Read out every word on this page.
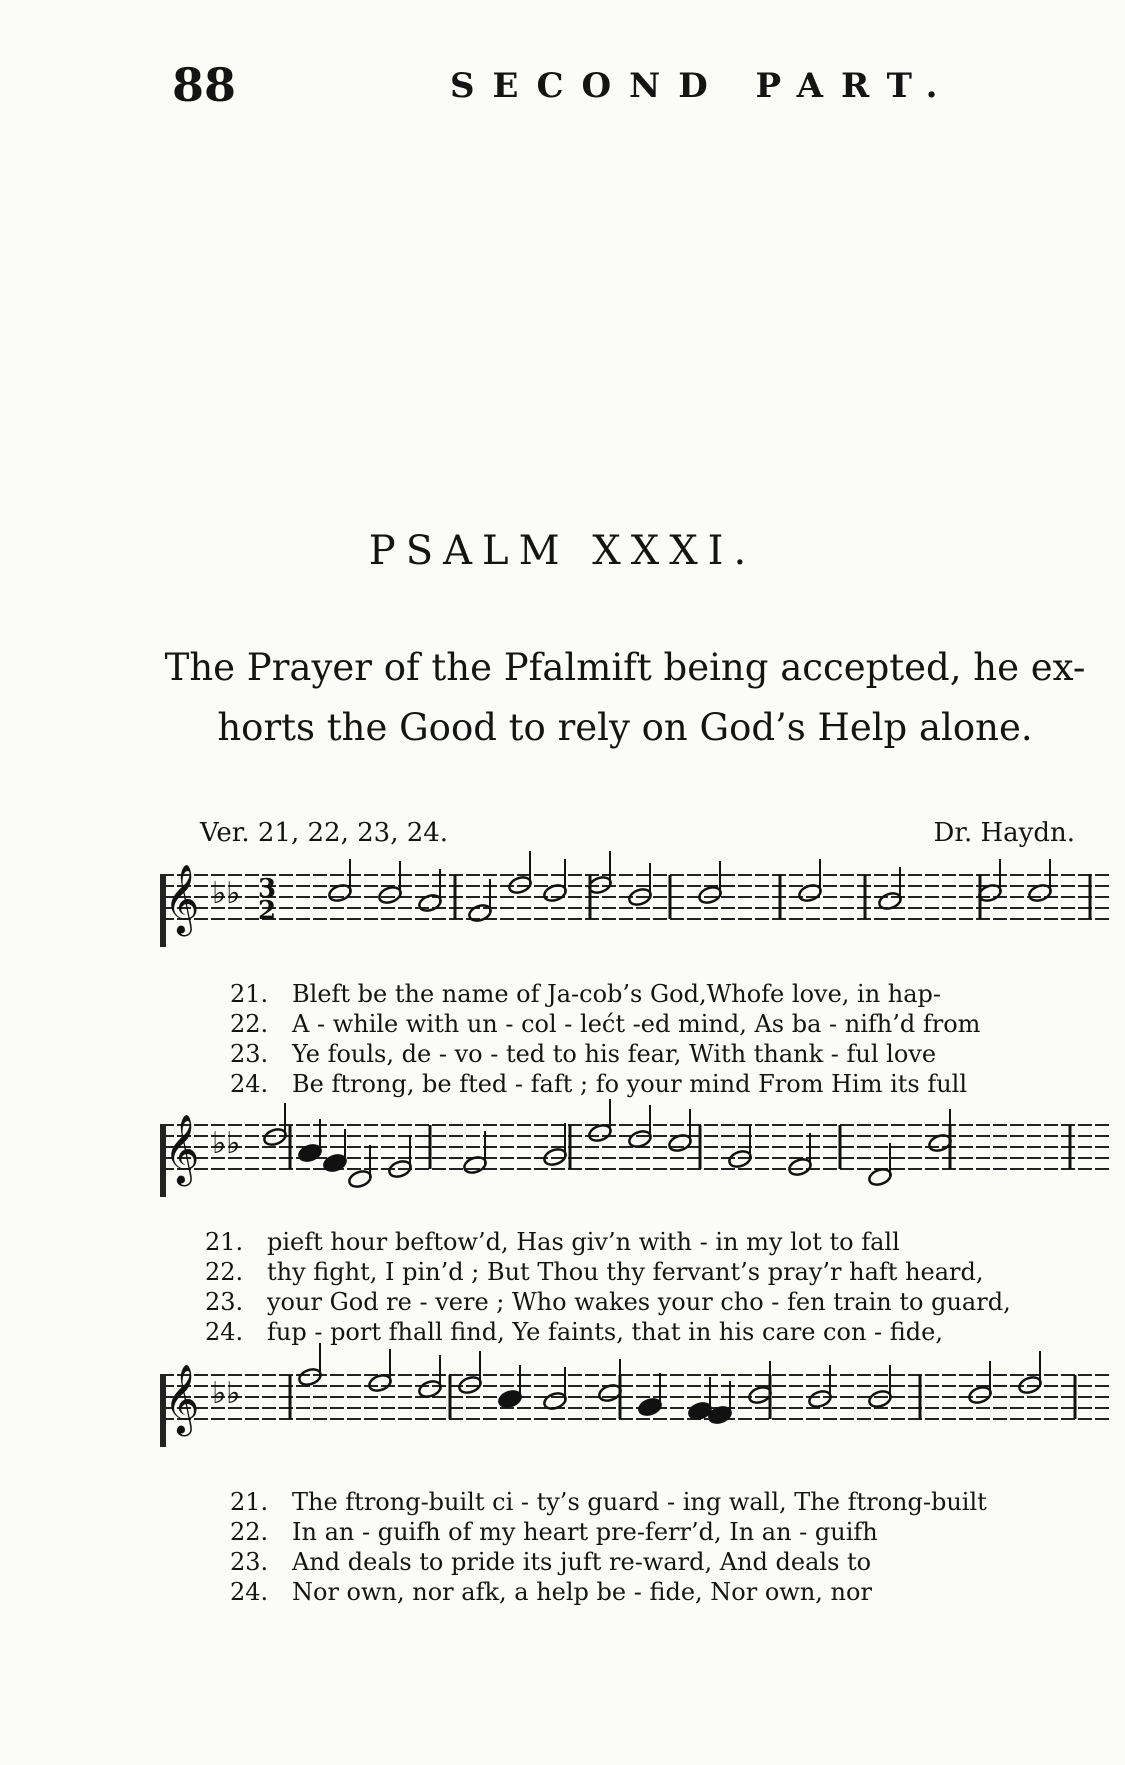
88	SECOND PART.
PSALM XXXI.
The Prayer of the Pfalmift being accepted, he ex-
horts the Good to rely on God’s Help alone.
Ver. 21, 22, 23, 24.	Dr. Haydn.
𝄞 ♭♭ 3
2
21. Bleft be the name of Ja-cob’s God,Whofe love, in hap-
22. A - while with un - col - lećt -ed mind, As ba - nifh’d from
23. Ye fouls, de - vo - ted to his fear, With thank - ful love
24. Be ftrong, be fted - faft ; fo your mind From Him its full
𝄞 ♭♭
21. pieft hour beftow’d, Has giv’n with - in my lot to fall
22. thy fight, I pin’d ; But Thou thy fervant’s pray’r haft heard,
23. your God re - vere ; Who wakes your cho - fen train to guard,
24. fup - port fhall find, Ye faints, that in his care con - fide,
𝄞 ♭♭
21. The ftrong-built ci - ty’s guard - ing wall, The ftrong-built
22. In an - guifh of my heart pre-ferr’d, In an - guifh
23. And deals to pride its juft re-ward, And deals to
24. Nor own, nor afk, a help be - fide, Nor own, nor
